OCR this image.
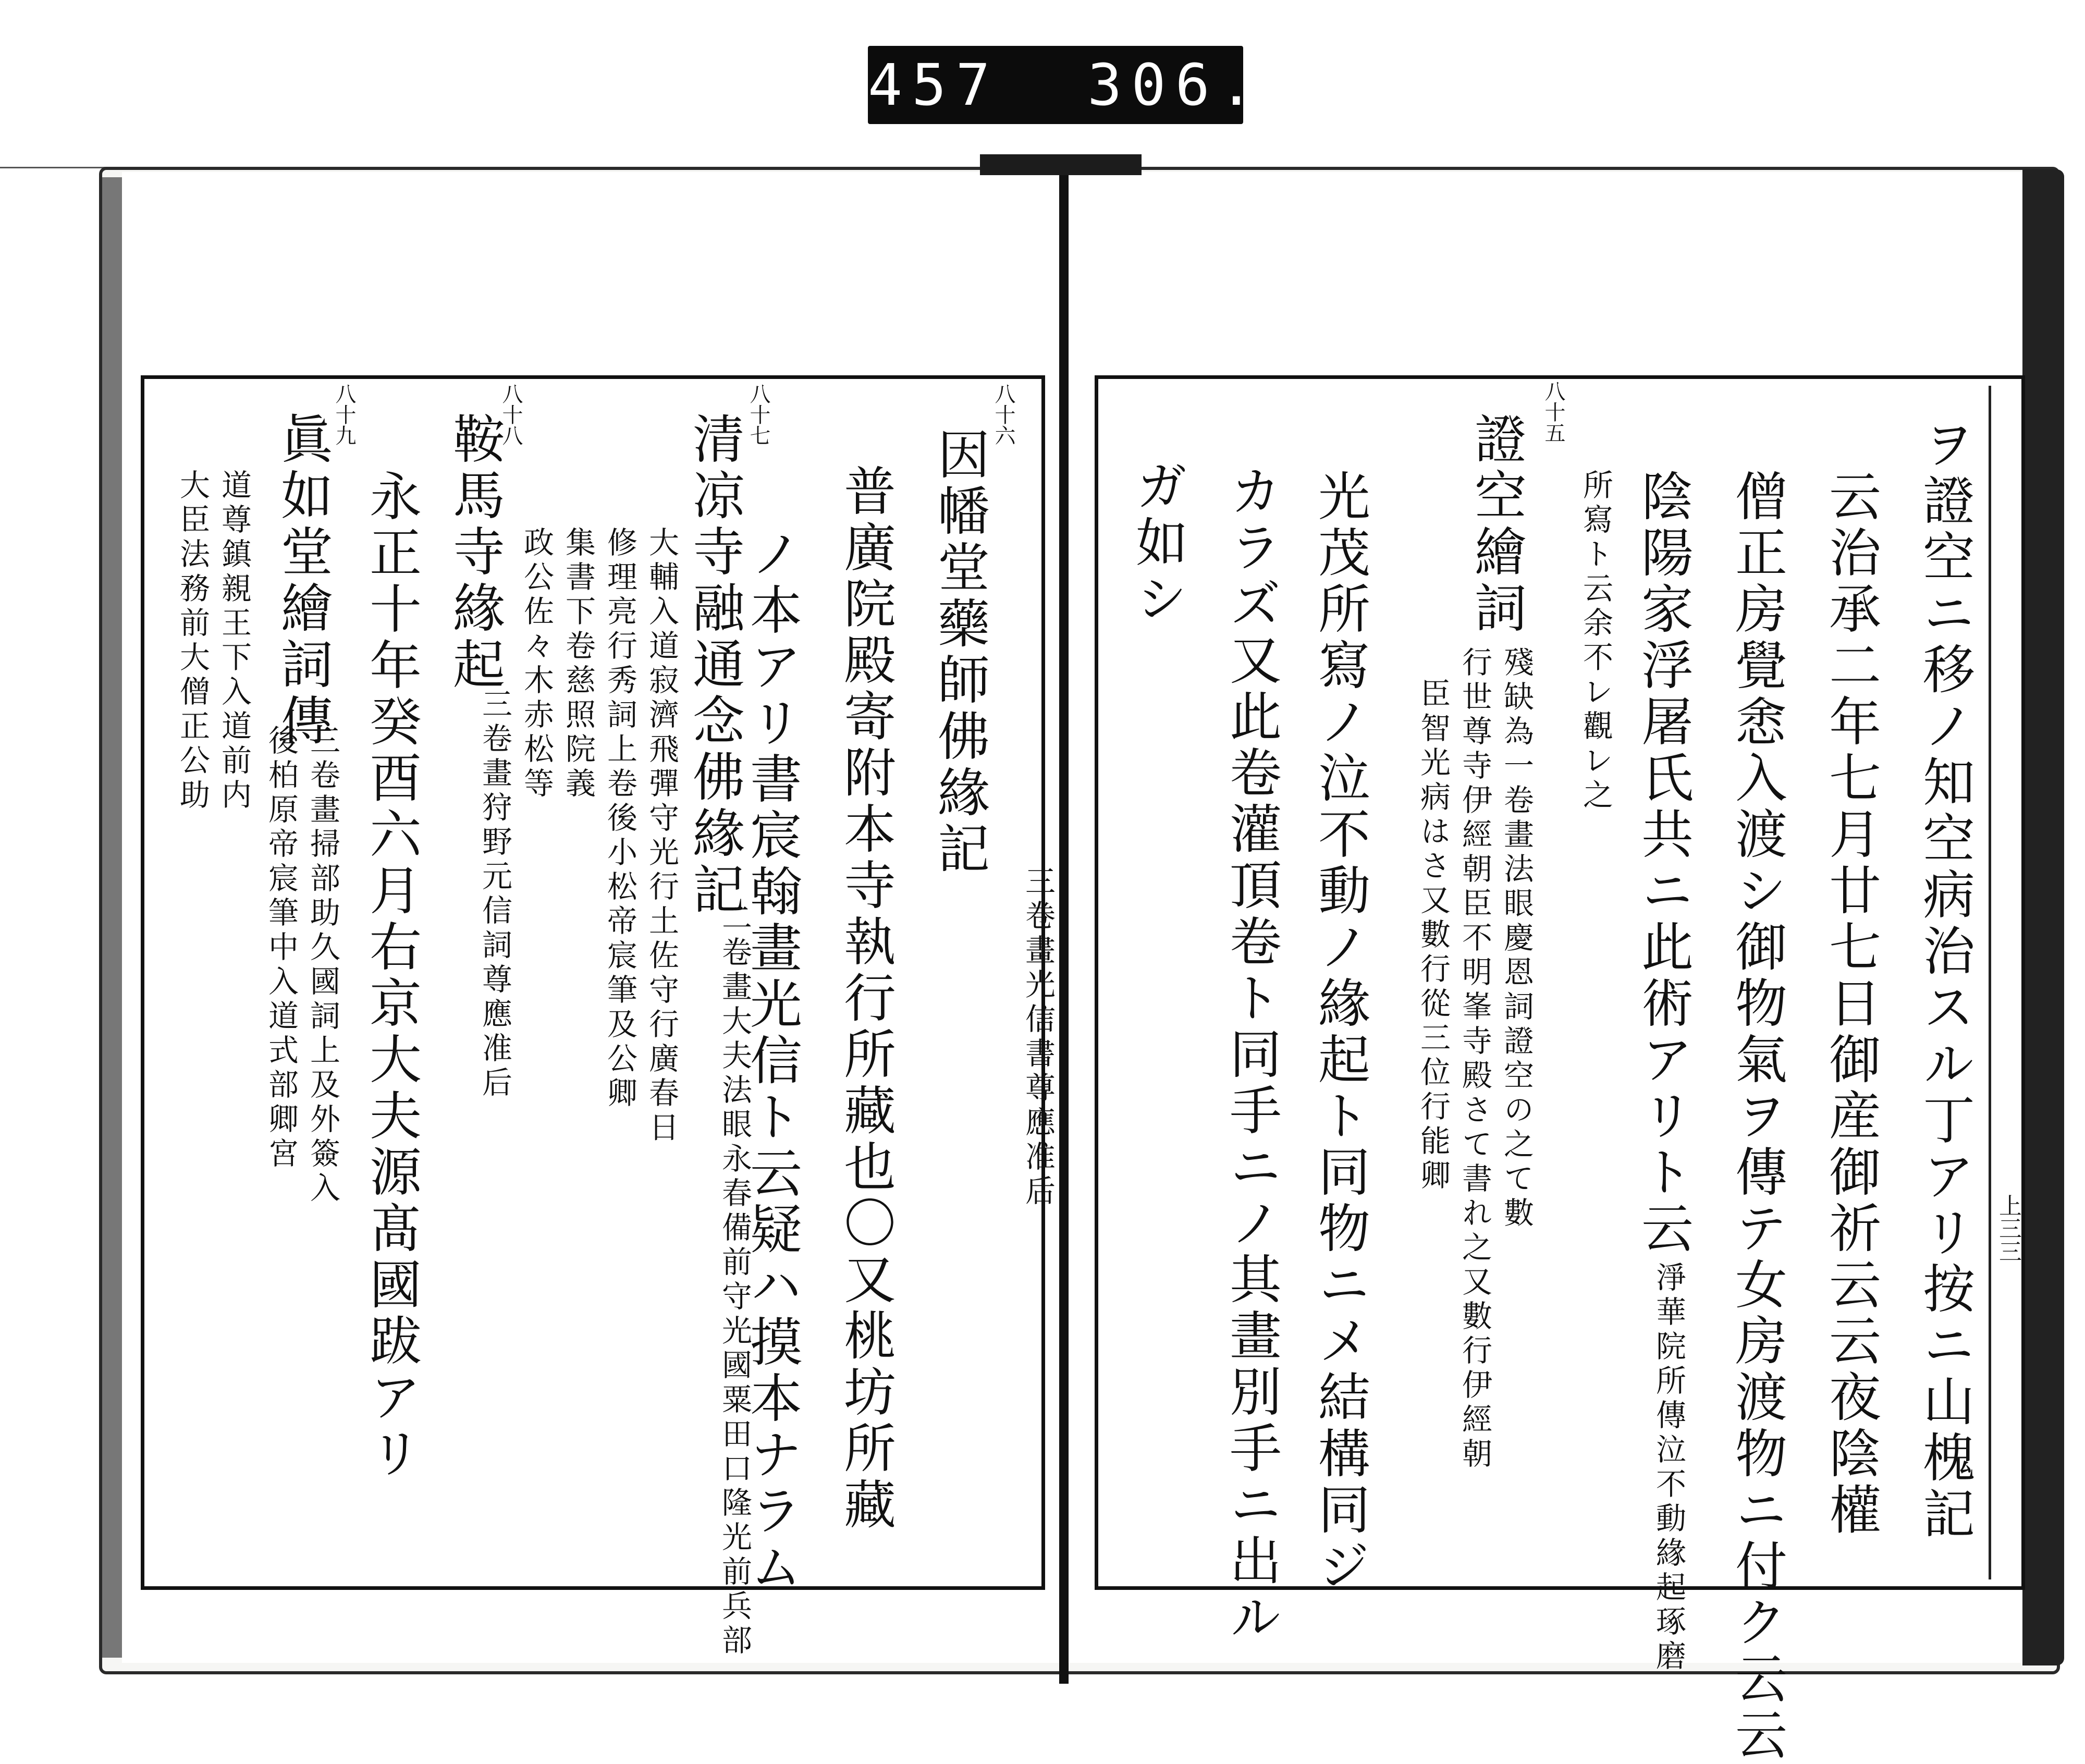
457  306.
上三三
ヲ證空ニ移ノ知空病治スル丁アリ按ニ山槐記
云治承二年七月廿七日御産御祈云云夜陰權
僧正房覺悆入渡シ御物氣ヲ傳テ女房渡物ニ付ク云云
陰陽家浮屠氏共ニ此術アリト云
淨華院所傳泣不動緣起琢磨
所寫ト云余不レ觀レ之
八十五
證空繪詞
殘缺為一卷畫法眼慶恩詞證空の之て數
行世尊寺伊經朝臣不明峯寺殿さて書れ之又數行伊經朝
臣智光病はさ又數行從三位行能卿
光茂所寫ノ泣不動ノ緣起ト同物ニメ結構同ジ
カラズ又此卷灌頂卷ト同手ニノ其畫別手ニ出ル
ガ如シ
八十六
因幡堂藥師佛緣記
三卷畫光信書尊應准后
普廣院殿寄附本寺執行所藏也〇又桃坊所藏
ノ本アリ書宸翰畫光信ト云疑ハ摸本ナラム
八十七
清凉寺融通念佛緣記
二卷畫大夫法眼永春備前守光國粟田口隆光前兵部
大輔入道寂濟飛彈守光行土佐守行廣春日
修理亮行秀詞上卷後小松帝宸筆及公卿
集書下卷慈照院義
八十八
鞍馬寺緣起
三卷畫狩野元信詞尊應准后
政公佐々木赤松等
永正十年癸酉六月右京大夫源髙國跋アリ
八十九
眞如堂繪詞傳
三卷畫掃部助久國詞上及外簽入
後柏原帝宸筆中入道式部卿宮
道尊鎮親王下入道前内
大臣法務前大僧正公助
